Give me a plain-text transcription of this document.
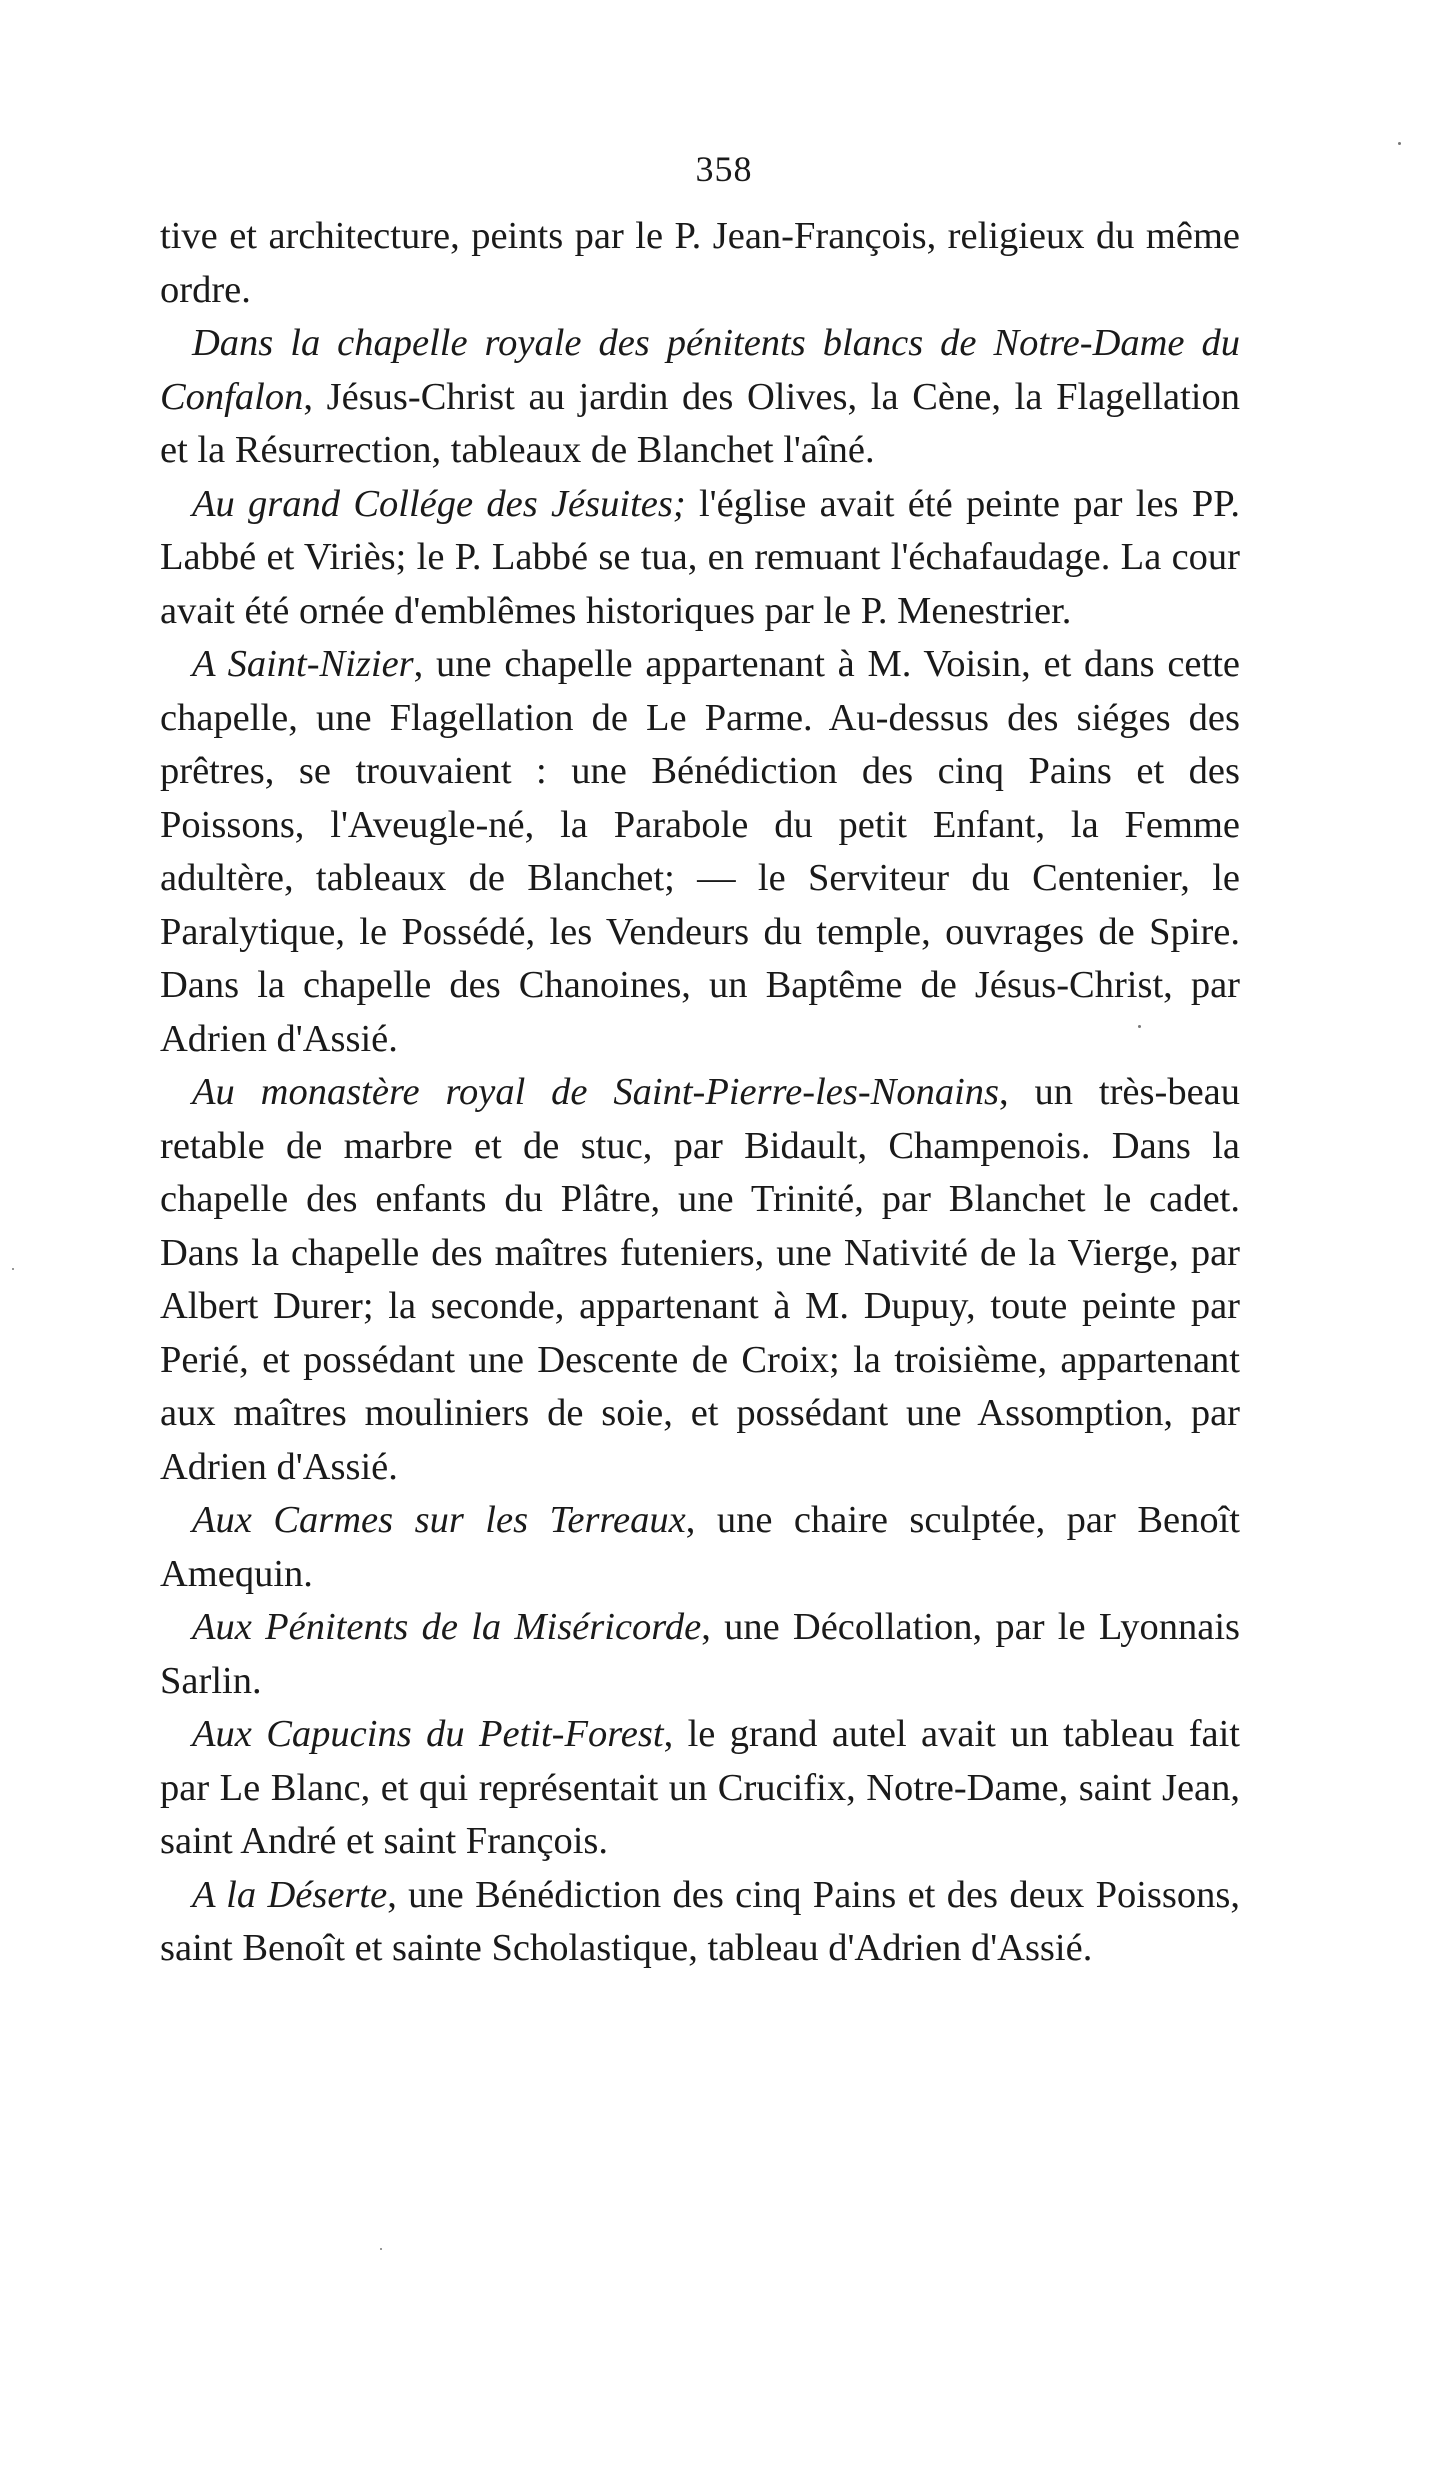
358

tive et architecture, peints par le P. Jean-François, religieux du même ordre.

Dans la chapelle royale des pénitents blancs de Notre-Dame du Confalon, Jésus-Christ au jardin des Olives, la Cène, la Flagellation et la Résurrection, tableaux de Blanchet l'aîné.

Au grand Collége des Jésuites; l'église avait été peinte par les PP. Labbé et Viriès; le P. Labbé se tua, en remuant l'échafaudage. La cour avait été ornée d'emblêmes historiques par le P. Menestrier.

A Saint-Nizier, une chapelle appartenant à M. Voisin, et dans cette chapelle, une Flagellation de Le Parme. Au-dessus des siéges des prêtres, se trouvaient : une Bénédiction des cinq Pains et des Poissons, l'Aveugle-né, la Parabole du petit Enfant, la Femme adultère, tableaux de Blanchet; — le Serviteur du Centenier, le Paralytique, le Possédé, les Vendeurs du temple, ouvrages de Spire. Dans la chapelle des Chanoines, un Baptême de Jésus-Christ, par Adrien d'Assié.

Au monastère royal de Saint-Pierre-les-Nonains, un très-beau retable de marbre et de stuc, par Bidault, Champenois. Dans la chapelle des enfants du Plâtre, une Trinité, par Blanchet le cadet. Dans la chapelle des maîtres futeniers, une Nativité de la Vierge, par Albert Durer; la seconde, appartenant à M. Dupuy, toute peinte par Perié, et possédant une Descente de Croix; la troisième, appartenant aux maîtres mouliniers de soie, et possédant une Assomption, par Adrien d'Assié.

Aux Carmes sur les Terreaux, une chaire sculptée, par Benoît Amequin.

Aux Pénitents de la Miséricorde, une Décollation, par le Lyonnais Sarlin.

Aux Capucins du Petit-Forest, le grand autel avait un tableau fait par Le Blanc, et qui représentait un Crucifix, Notre-Dame, saint Jean, saint André et saint François.

A la Déserte, une Bénédiction des cinq Pains et des deux Poissons, saint Benoît et sainte Scholastique, tableau d'Adrien d'Assié.
